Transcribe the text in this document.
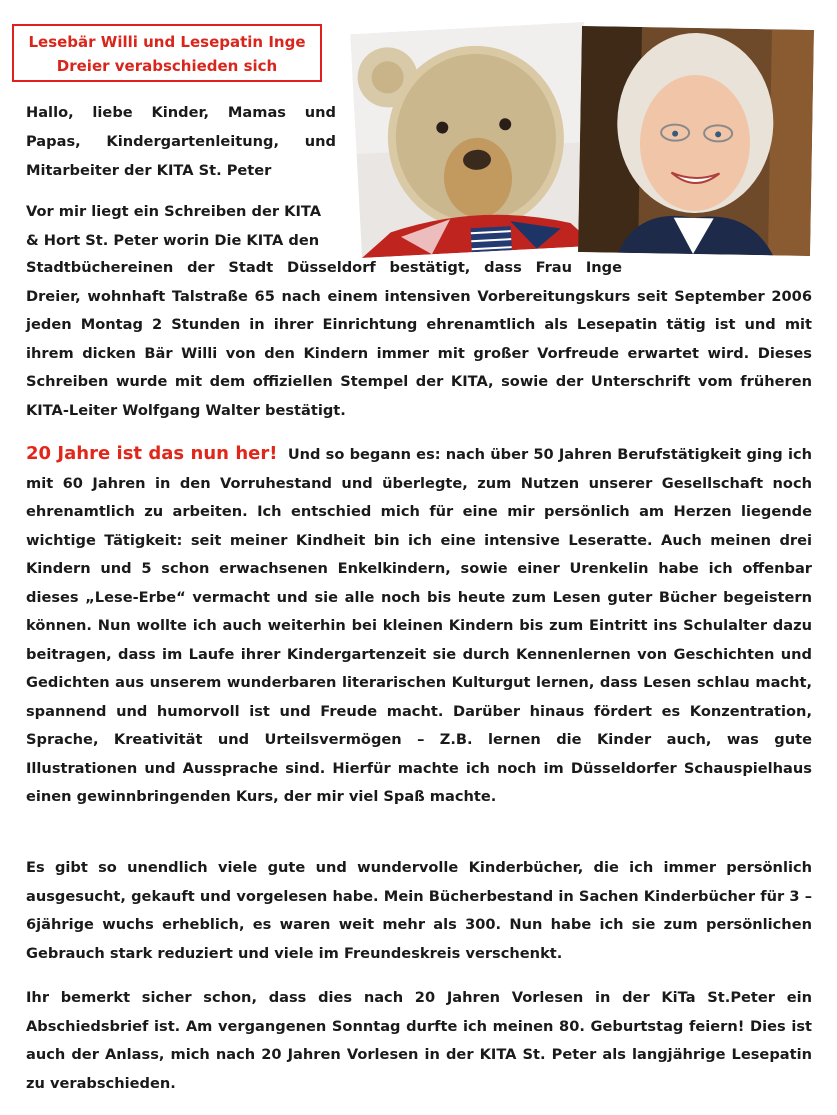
Lesebär Willi und Lesepatin Inge
Dreier verabschieden sich

Hallo, liebe Kinder, Mamas und Papas, Kindergartenleitung, und Mitarbeiter der KITA St. Peter

Vor mir liegt ein Schreiben der KITA
& Hort St. Peter worin Die KITA den

Stadtbüchereinen der Stadt Düsseldorf bestätigt, dass Frau Inge
Dreier, wohnhaft Talstraße 65 nach einem intensiven Vorbereitungskurs seit September 2006 jeden Montag 2 Stunden in ihrer Einrichtung ehrenamtlich als Lesepatin tätig ist und mit ihrem dicken Bär Willi von den Kindern immer mit großer Vorfreude erwartet wird. Dieses Schreiben wurde mit dem offiziellen Stempel der KITA, sowie der Unterschrift vom früheren KITA-Leiter Wolfgang Walter bestätigt.

20 Jahre ist das nun her! Und so begann es: nach über 50 Jahren Berufstätigkeit ging ich mit 60 Jahren in den Vorruhestand und überlegte, zum Nutzen unserer Gesellschaft noch ehrenamtlich zu arbeiten. Ich entschied mich für eine mir persönlich am Herzen liegende wichtige Tätigkeit: seit meiner Kindheit bin ich eine intensive Leseratte. Auch meinen drei Kindern und 5 schon erwachsenen Enkelkindern, sowie einer Urenkelin habe ich offenbar dieses „Lese-Erbe“ vermacht und sie alle noch bis heute zum Lesen guter Bücher begeistern können. Nun wollte ich auch weiterhin bei kleinen Kindern bis zum Eintritt ins Schulalter dazu beitragen, dass im Laufe ihrer Kindergartenzeit sie durch Kennenlernen von Geschichten und Gedichten aus unserem wunderbaren literarischen Kulturgut lernen, dass Lesen schlau macht, spannend und humorvoll ist und Freude macht. Darüber hinaus fördert es Konzentration, Sprache, Kreativität und Urteilsvermögen – Z.B. lernen die Kinder auch, was gute Illustrationen und Aussprache sind. Hierfür machte ich noch im Düsseldorfer Schauspielhaus einen gewinnbringenden Kurs, der mir viel Spaß machte.

Es gibt so unendlich viele gute und wundervolle Kinderbücher, die ich immer persönlich ausgesucht, gekauft und vorgelesen habe. Mein Bücherbestand in Sachen Kinderbücher für 3 – 6jährige wuchs erheblich, es waren weit mehr als 300. Nun habe ich sie zum persönlichen Gebrauch stark reduziert und viele im Freundeskreis verschenkt.

Ihr bemerkt sicher schon, dass dies nach 20 Jahren Vorlesen in der KiTa St.Peter ein Abschiedsbrief ist. Am vergangenen Sonntag durfte ich meinen 80. Geburtstag feiern! Dies ist auch der Anlass, mich nach 20 Jahren Vorlesen in der KITA St. Peter als langjährige Lesepatin zu verabschieden.
